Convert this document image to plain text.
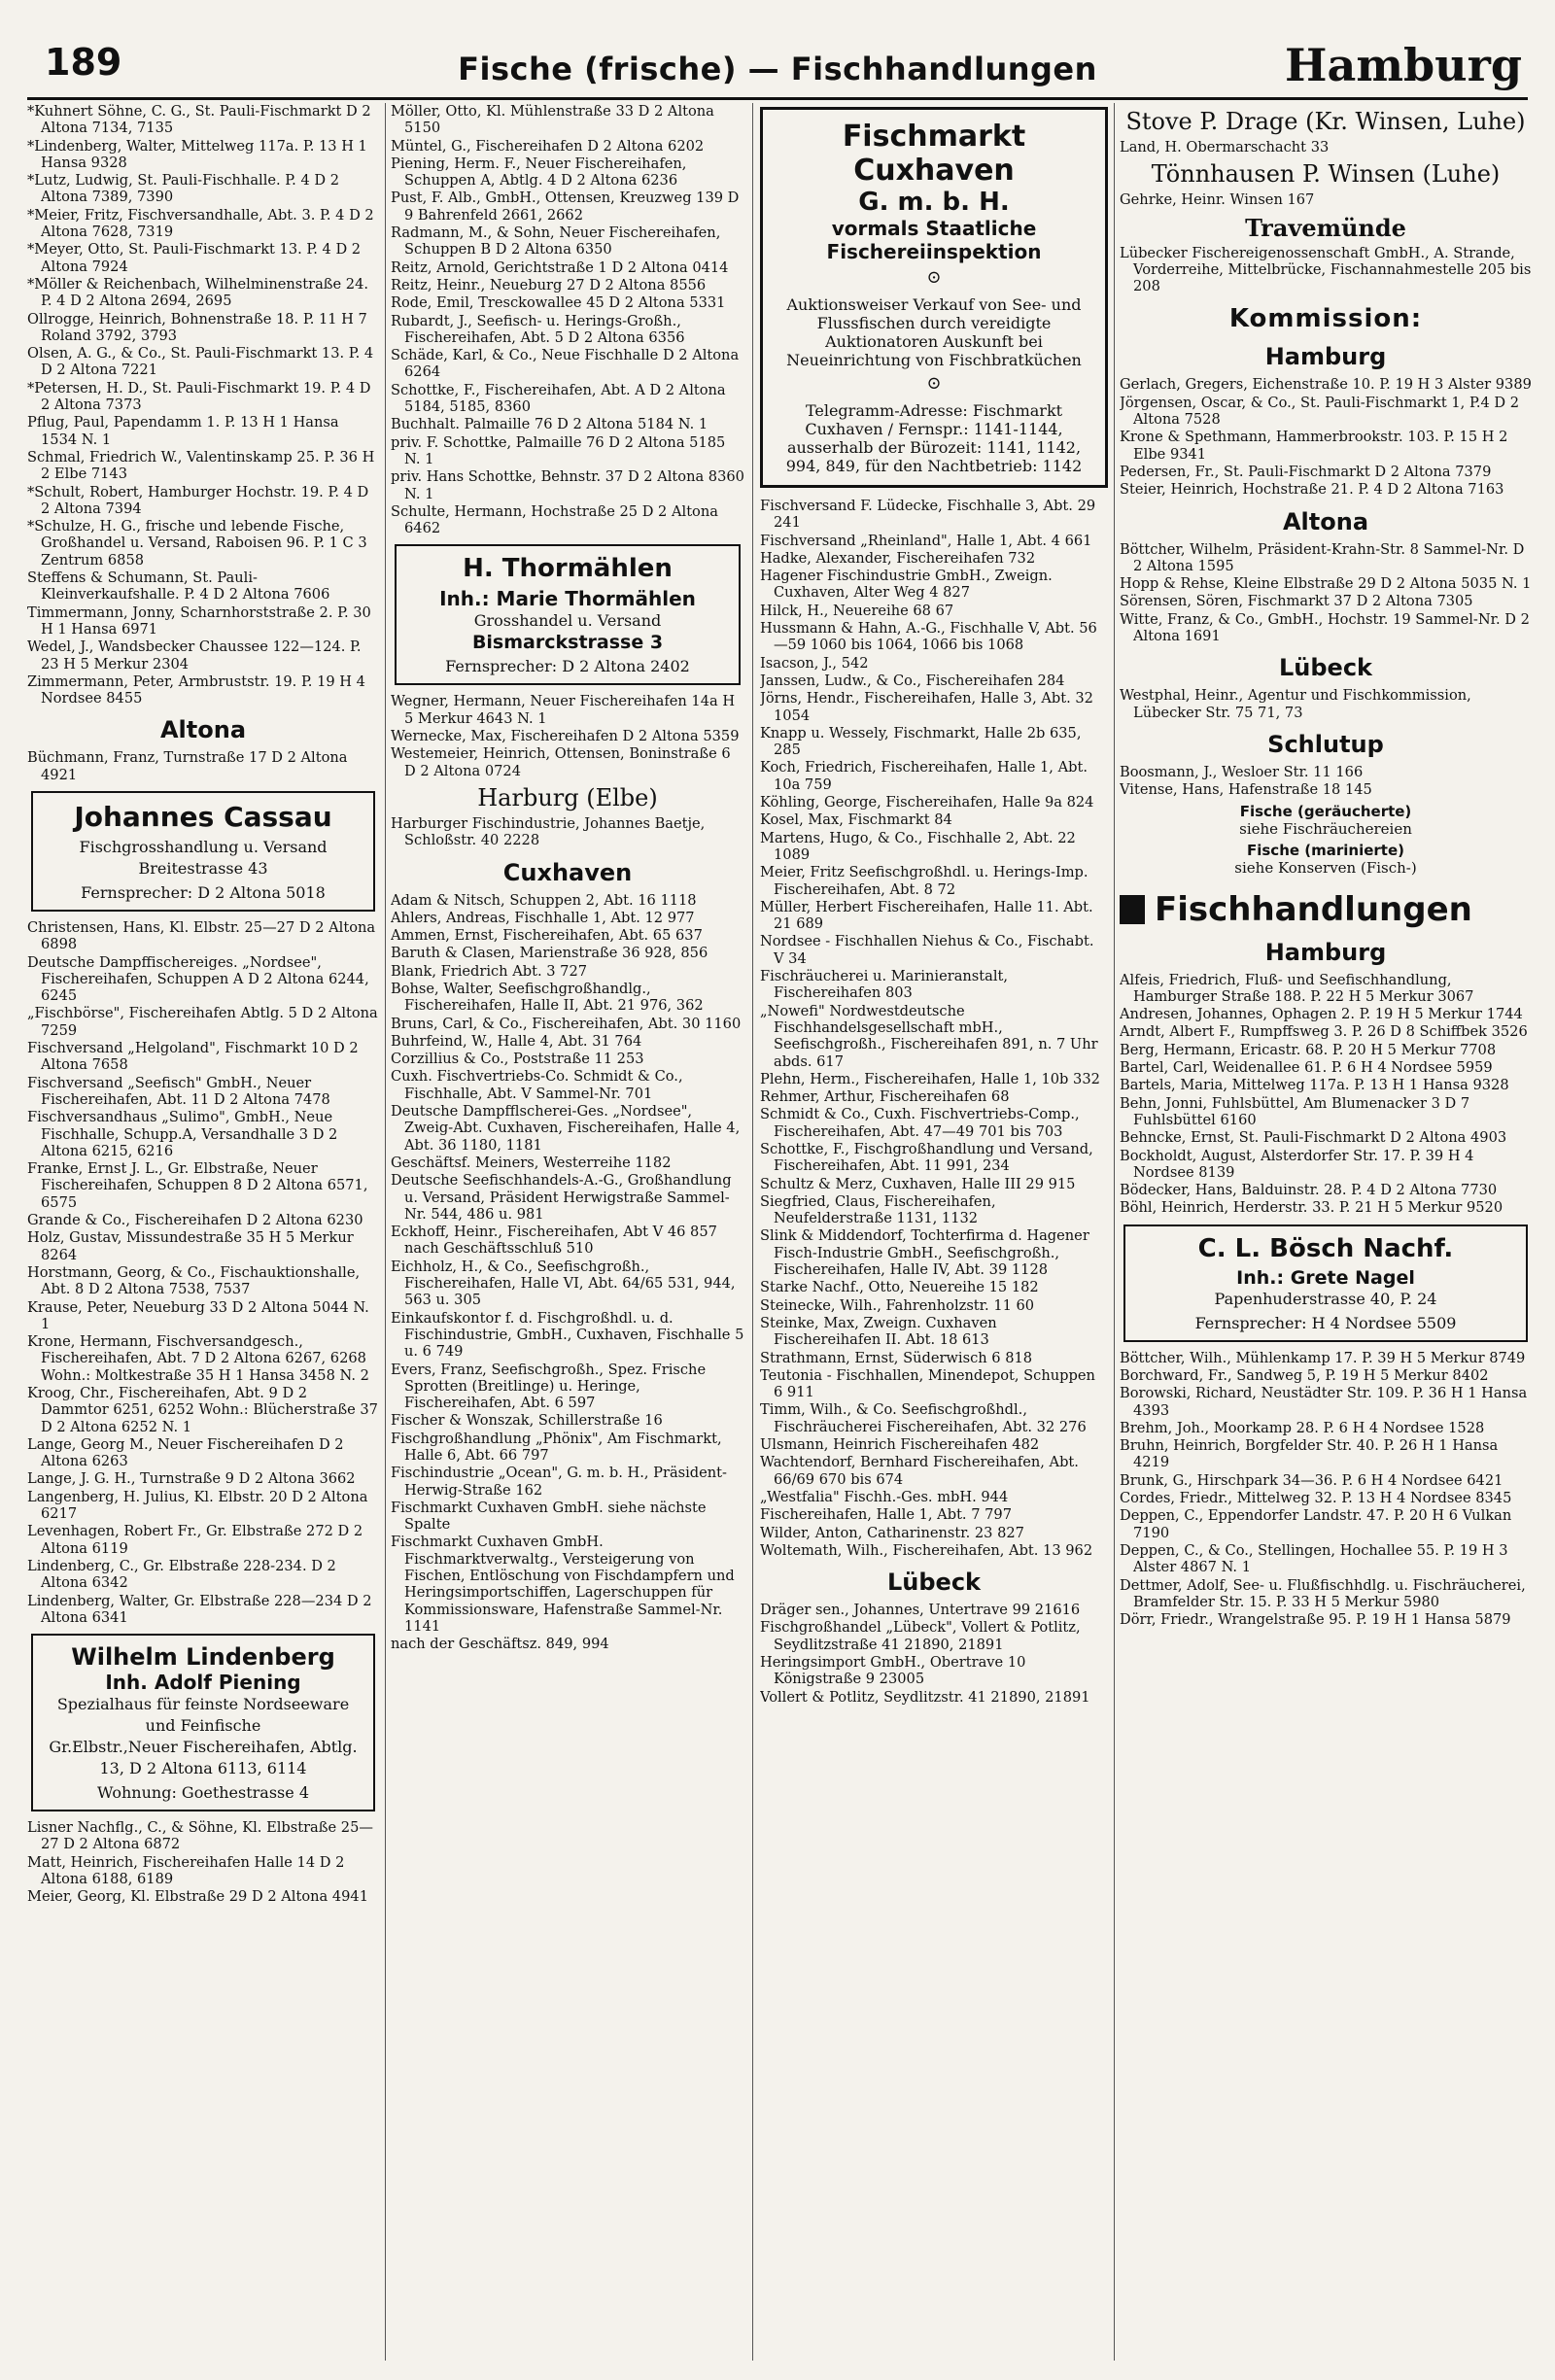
189	Fische (frische) — Fischhandlungen	Hamburg
*Kuhnert Söhne, C. G., St. Pauli-Fischmarkt D 2 Altona 7134, 7135
*Lindenberg, Walter, Mittelweg 117a. P. 13 H 1 Hansa 9328
*Lutz, Ludwig, St. Pauli-Fischhalle. P. 4 D 2 Altona 7389, 7390
*Meier, Fritz, Fischversandhalle, Abt. 3. P. 4 D 2 Altona 7628, 7319
*Meyer, Otto, St. Pauli-Fischmarkt 13. P. 4 D 2 Altona 7924
*Möller & Reichenbach, Wilhelminenstraße 24. P. 4 D 2 Altona 2694, 2695
Ollrogge, Heinrich, Bohnenstraße 18. P. 11 H 7 Roland 3792, 3793
Olsen, A. G., & Co., St. Pauli-Fischmarkt 13. P. 4 D 2 Altona 7221
*Petersen, H. D., St. Pauli-Fischmarkt 19. P. 4 D 2 Altona 7373
Pflug, Paul, Papendamm 1. P. 13 H 1 Hansa 1534 N. 1
Schmal, Friedrich W., Valentinskamp 25. P. 36 H 2 Elbe 7143
*Schult, Robert, Hamburger Hochstr. 19. P. 4 D 2 Altona 7394
*Schulze, H. G., frische und lebende Fische, Großhandel u. Versand, Raboisen 96. P. 1 C 3 Zentrum 6858
Steffens & Schumann, St. Pauli-Kleinverkaufshalle. P. 4 D 2 Altona 7606
Timmermann, Jonny, Scharnhorststraße 2. P. 30 H 1 Hansa 6971
Wedel, J., Wandsbecker Chaussee 122—124. P. 23 H 5 Merkur 2304
Zimmermann, Peter, Armbruststr. 19. P. 19 H 4 Nordsee 8455
Altona
Büchmann, Franz, Turnstraße 17 D 2 Altona 4921
Johannes Cassau
Fischgrosshandlung u. Versand
Breitestrasse 43
Fernsprecher: D 2 Altona 5018
Christensen, Hans, Kl. Elbstr. 25—27 D 2 Altona 6898
Deutsche Dampffischereiges. „Nordsee", Fischereihafen, Schuppen A D 2 Altona 6244, 6245
„Fischbörse", Fischereihafen Abtlg. 5 D 2 Altona 7259
Fischversand „Helgoland", Fischmarkt 10 D 2 Altona 7658
Fischversand „Seefisch" GmbH., Neuer Fischereihafen, Abt. 11 D 2 Altona 7478
Fischversandhaus „Sulimo", GmbH., Neue Fischhalle, Schupp.A, Versandhalle 3 D 2 Altona 6215, 6216
Franke, Ernst J. L., Gr. Elbstraße, Neuer Fischereihafen, Schuppen 8 D 2 Altona 6571, 6575
Grande & Co., Fischereihafen D 2 Altona 6230
Holz, Gustav, Missundestraße 35 H 5 Merkur 8264
Horstmann, Georg, & Co., Fischauktionshalle, Abt. 8 D 2 Altona 7538, 7537
Krause, Peter, Neueburg 33 D 2 Altona 5044 N. 1
Krone, Hermann, Fischversandgesch., Fischereihafen, Abt. 7 D 2 Altona 6267, 6268 Wohn.: Moltkestraße 35 H 1 Hansa 3458 N. 2
Kroog, Chr., Fischereihafen, Abt. 9 D 2 Dammtor 6251, 6252 Wohn.: Blücherstraße 37 D 2 Altona 6252 N. 1
Lange, Georg M., Neuer Fischereihafen D 2 Altona 6263
Lange, J. G. H., Turnstraße 9 D 2 Altona 3662
Langenberg, H. Julius, Kl. Elbstr. 20 D 2 Altona 6217
Levenhagen, Robert Fr., Gr. Elbstraße 272 D 2 Altona 6119
Lindenberg, C., Gr. Elbstraße 228-234. D 2 Altona 6342
Lindenberg, Walter, Gr. Elbstraße 228—234 D 2 Altona 6341
Wilhelm Lindenberg
Inh. Adolf Piening
Spezialhaus für feinste Nordseeware und Feinfische
Gr.Elbstr.,Neuer Fischereihafen, Abtlg. 13, D 2 Altona 6113, 6114
Wohnung: Goethestrasse 4
Lisner Nachflg., C., & Söhne, Kl. Elbstraße 25—27 D 2 Altona 6872
Matt, Heinrich, Fischereihafen Halle 14 D 2 Altona 6188, 6189
Meier, Georg, Kl. Elbstraße 29 D 2 Altona 4941
Möller, Otto, Kl. Mühlenstraße 33 D 2 Altona 5150
Müntel, G., Fischereihafen D 2 Altona 6202
Piening, Herm. F., Neuer Fischereihafen, Schuppen A, Abtlg. 4 D 2 Altona 6236
Pust, F. Alb., GmbH., Ottensen, Kreuzweg 139 D 9 Bahrenfeld 2661, 2662
Radmann, M., & Sohn, Neuer Fischereihafen, Schuppen B D 2 Altona 6350
Reitz, Arnold, Gerichtstraße 1 D 2 Altona 0414
Reitz, Heinr., Neueburg 27 D 2 Altona 8556
Rode, Emil, Tresckowallee 45 D 2 Altona 5331
Rubardt, J., Seefisch- u. Herings-Großh., Fischereihafen, Abt. 5 D 2 Altona 6356
Schäde, Karl, & Co., Neue Fischhalle D 2 Altona 6264
Schottke, F., Fischereihafen, Abt. A D 2 Altona 5184, 5185, 8360
Buchhalt. Palmaille 76 D 2 Altona 5184 N. 1
priv. F. Schottke, Palmaille 76 D 2 Altona 5185 N. 1
priv. Hans Schottke, Behnstr. 37 D 2 Altona 8360 N. 1
Schulte, Hermann, Hochstraße 25 D 2 Altona 6462
H. Thormählen
Inh.: Marie Thormählen
Grosshandel u. Versand
Bismarckstrasse 3
Fernsprecher: D 2 Altona 2402
Wegner, Hermann, Neuer Fischereihafen 14a H 5 Merkur 4643 N. 1
Wernecke, Max, Fischereihafen D 2 Altona 5359
Westemeier, Heinrich, Ottensen, Boninstraße 6 D 2 Altona 0724
Harburg (Elbe)
Harburger Fischindustrie, Johannes Baetje, Schloßstr. 40 2228
Cuxhaven
Adam & Nitsch, Schuppen 2, Abt. 16 1118
Ahlers, Andreas, Fischhalle 1, Abt. 12 977
Ammen, Ernst, Fischereihafen, Abt. 65 637
Baruth & Clasen, Marienstraße 36 928, 856
Blank, Friedrich Abt. 3 727
Bohse, Walter, Seefischgroßhandlg., Fischereihafen, Halle II, Abt. 21 976, 362
Bruns, Carl, & Co., Fischereihafen, Abt. 30 1160
Buhrfeind, W., Halle 4, Abt. 31 764
Corzillius & Co., Poststraße 11 253
Cuxh. Fischvertriebs-Co. Schmidt & Co., Fischhalle, Abt. V Sammel-Nr. 701
Deutsche Dampfflscherei-Ges. „Nordsee", Zweig-Abt. Cuxhaven, Fischereihafen, Halle 4, Abt. 36 1180, 1181
Geschäftsf. Meiners, Westerreihe 1182
Deutsche Seefischhandels-A.-G., Großhandlung u. Versand, Präsident Herwigstraße Sammel-Nr. 544, 486 u. 981
Eckhoff, Heinr., Fischereihafen, Abt V 46 857 nach Geschäftsschluß 510
Eichholz, H., & Co., Seefischgroßh., Fischereihafen, Halle VI, Abt. 64/65 531, 944, 563 u. 305
Einkaufskontor f. d. Fischgroßhdl. u. d. Fischindustrie, GmbH., Cuxhaven, Fischhalle 5 u. 6 749
Evers, Franz, Seefischgroßh., Spez. Frische Sprotten (Breitlinge) u. Heringe, Fischereihafen, Abt. 6 597
Fischer & Wonszak, Schillerstraße 16
Fischgroßhandlung „Phönix", Am Fischmarkt, Halle 6, Abt. 66 797
Fischindustrie „Ocean", G. m. b. H., Präsident-Herwig-Straße 162
Fischmarkt Cuxhaven GmbH. siehe nächste Spalte
Fischmarkt Cuxhaven GmbH. Fischmarktverwaltg., Versteigerung von Fischen, Entlöschung von Fischdampfern und Heringsimportschiffen, Lagerschuppen für Kommissionsware, Hafenstraße Sammel-Nr. 1141
nach der Geschäftsz. 849, 994
Fischmarkt Cuxhaven
G. m. b. H.
vormals Staatliche
Fischereiinspektion
⊙
Auktionsweiser Verkauf von See- und Flussfischen durch vereidigte Auktionatoren Auskunft bei Neueinrichtung von Fischbratküchen
⊙
Telegramm-Adresse: Fischmarkt Cuxhaven / Fernspr.: 1141-1144, ausserhalb der Bürozeit: 1141, 1142, 994, 849, für den Nachtbetrieb: 1142
Fischversand F. Lüdecke, Fischhalle 3, Abt. 29 241
Fischversand „Rheinland", Halle 1, Abt. 4 661
Hadke, Alexander, Fischereihafen 732
Hagener Fischindustrie GmbH., Zweign. Cuxhaven, Alter Weg 4 827
Hilck, H., Neuereihe 68 67
Hussmann & Hahn, A.-G., Fischhalle V, Abt. 56—59 1060 bis 1064, 1066 bis 1068
Isacson, J., 542
Janssen, Ludw., & Co., Fischereihafen 284
Jörns, Hendr., Fischereihafen, Halle 3, Abt. 32 1054
Knapp u. Wessely, Fischmarkt, Halle 2b 635, 285
Koch, Friedrich, Fischereihafen, Halle 1, Abt. 10a 759
Köhling, George, Fischereihafen, Halle 9a 824
Kosel, Max, Fischmarkt 84
Martens, Hugo, & Co., Fischhalle 2, Abt. 22 1089
Meier, Fritz Seefischgroßhdl. u. Herings-Imp. Fischereihafen, Abt. 8 72
Müller, Herbert Fischereihafen, Halle 11. Abt. 21 689
Nordsee - Fischhallen Niehus & Co., Fischabt. V 34
Fischräucherei u. Marinieranstalt, Fischereihafen 803
„Nowefi" Nordwestdeutsche Fischhandelsgesellschaft mbH., Seefischgroßh., Fischereihafen 891, n. 7 Uhr abds. 617
Plehn, Herm., Fischereihafen, Halle 1, 10b 332
Rehmer, Arthur, Fischereihafen 68
Schmidt & Co., Cuxh. Fischvertriebs-Comp., Fischereihafen, Abt. 47—49 701 bis 703
Schottke, F., Fischgroßhandlung und Versand, Fischereihafen, Abt. 11 991, 234
Schultz & Merz, Cuxhaven, Halle III 29 915
Siegfried, Claus, Fischereihafen, Neufelderstraße 1131, 1132
Slink & Middendorf, Tochterfirma d. Hagener Fisch-Industrie GmbH., Seefischgroßh., Fischereihafen, Halle IV, Abt. 39 1128
Starke Nachf., Otto, Neuereihe 15 182
Steinecke, Wilh., Fahrenholzstr. 11 60
Steinke, Max, Zweign. Cuxhaven Fischereihafen II. Abt. 18 613
Strathmann, Ernst, Süderwisch 6 818
Teutonia - Fischhallen, Minendepot, Schuppen 6 911
Timm, Wilh., & Co. Seefischgroßhdl., Fischräucherei Fischereihafen, Abt. 32 276
Ulsmann, Heinrich Fischereihafen 482
Wachtendorf, Bernhard Fischereihafen, Abt. 66/69 670 bis 674
„Westfalia" Fischh.-Ges. mbH. 944
Fischereihafen, Halle 1, Abt. 7 797
Wilder, Anton, Catharinenstr. 23 827
Woltemath, Wilh., Fischereihafen, Abt. 13 962
Lübeck
Dräger sen., Johannes, Untertrave 99 21616
Fischgroßhandel „Lübeck", Vollert & Potlitz, Seydlitzstraße 41 21890, 21891
Heringsimport GmbH., Obertrave 10 Königstraße 9 23005
Vollert & Potlitz, Seydlitzstr. 41 21890, 21891
Stove P. Drage (Kr. Winsen, Luhe)
Land, H. Obermarschacht 33
Tönnhausen P. Winsen (Luhe)
Gehrke, Heinr. Winsen 167
Travemünde
Lübecker Fischereigenossenschaft GmbH., A. Strande, Vorderreihe, Mittelbrücke, Fischannahmestelle 205 bis 208
Kommission:
Hamburg
Gerlach, Gregers, Eichenstraße 10. P. 19 H 3 Alster 9389
Jörgensen, Oscar, & Co., St. Pauli-Fischmarkt 1, P.4 D 2 Altona 7528
Krone & Spethmann, Hammerbrookstr. 103. P. 15 H 2 Elbe 9341
Pedersen, Fr., St. Pauli-Fischmarkt D 2 Altona 7379
Steier, Heinrich, Hochstraße 21. P. 4 D 2 Altona 7163
Altona
Böttcher, Wilhelm, Präsident-Krahn-Str. 8 Sammel-Nr. D 2 Altona 1595
Hopp & Rehse, Kleine Elbstraße 29 D 2 Altona 5035 N. 1
Sörensen, Sören, Fischmarkt 37 D 2 Altona 7305
Witte, Franz, & Co., GmbH., Hochstr. 19 Sammel-Nr. D 2 Altona 1691
Lübeck
Westphal, Heinr., Agentur und Fischkommission, Lübecker Str. 75 71, 73
Schlutup
Boosmann, J., Wesloer Str. 11 166
Vitense, Hans, Hafenstraße 18 145
Fische (geräucherte)
siehe Fischräuchereien
Fische (marinierte)
siehe Konserven (Fisch-)
Fischhandlungen
Hamburg
Alfeis, Friedrich, Fluß- und Seefischhandlung, Hamburger Straße 188. P. 22 H 5 Merkur 3067
Andresen, Johannes, Ophagen 2. P. 19 H 5 Merkur 1744
Arndt, Albert F., Rumpffsweg 3. P. 26 D 8 Schiffbek 3526
Berg, Hermann, Ericastr. 68. P. 20 H 5 Merkur 7708
Bartel, Carl, Weidenallee 61. P. 6 H 4 Nordsee 5959
Bartels, Maria, Mittelweg 117a. P. 13 H 1 Hansa 9328
Behn, Jonni, Fuhlsbüttel, Am Blumenacker 3 D 7 Fuhlsbüttel 6160
Behncke, Ernst, St. Pauli-Fischmarkt D 2 Altona 4903
Bockholdt, August, Alsterdorfer Str. 17. P. 39 H 4 Nordsee 8139
Bödecker, Hans, Balduinstr. 28. P. 4 D 2 Altona 7730
Böhl, Heinrich, Herderstr. 33. P. 21 H 5 Merkur 9520
C. L. Bösch Nachf.
Inh.: Grete Nagel
Papenhuderstrasse 40, P. 24
Fernsprecher: H 4 Nordsee 5509
Böttcher, Wilh., Mühlenkamp 17. P. 39 H 5 Merkur 8749
Borchward, Fr., Sandweg 5, P. 19 H 5 Merkur 8402
Borowski, Richard, Neustädter Str. 109. P. 36 H 1 Hansa 4393
Brehm, Joh., Moorkamp 28. P. 6 H 4 Nordsee 1528
Bruhn, Heinrich, Borgfelder Str. 40. P. 26 H 1 Hansa 4219
Brunk, G., Hirschpark 34—36. P. 6 H 4 Nordsee 6421
Cordes, Friedr., Mittelweg 32. P. 13 H 4 Nordsee 8345
Deppen, C., Eppendorfer Landstr. 47. P. 20 H 6 Vulkan 7190
Deppen, C., & Co., Stellingen, Hochallee 55. P. 19 H 3 Alster 4867 N. 1
Dettmer, Adolf, See- u. Flußfischhdlg. u. Fischräucherei, Bramfelder Str. 15. P. 33 H 5 Merkur 5980
Dörr, Friedr., Wrangelstraße 95. P. 19 H 1 Hansa 5879
